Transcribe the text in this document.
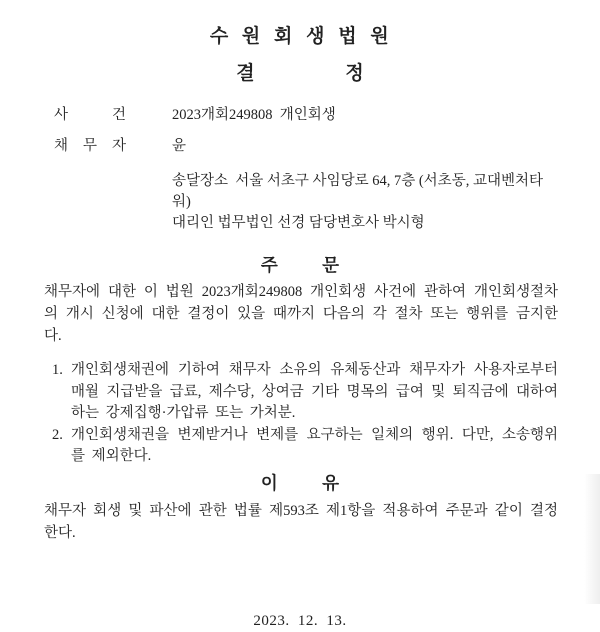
수 원 회 생 법 원
결 정
사 건	2023개회249808  개인회생
채 무 자	윤
송달장소  서울 서초구 사임당로 64, 7층 (서초동, 교대벤처타워)
대리인 법무법인 선경 담당변호사 박시형
주 문
채무자에 대한 이 법원 2023개회249808 개인회생 사건에 관하여 개인회생절차의 개시 신청에 대한 결정이 있을 때까지 다음의 각 절차 또는 행위를 금지한다.
1. 개인회생채권에 기하여 채무자 소유의 유체동산과 채무자가 사용자로부터 매월 지급받을 급료, 제수당, 상여금 기타 명목의 급여 및 퇴직금에 대하여 하는 강제집행·가압류 또는 가처분.
2. 개인회생채권을 변제받거나 변제를 요구하는 일체의 행위. 다만, 소송행위를 제외한다.
이 유
채무자 회생 및 파산에 관한 법률 제593조 제1항을 적용하여 주문과 같이 결정한다.
2023. 12. 13.
